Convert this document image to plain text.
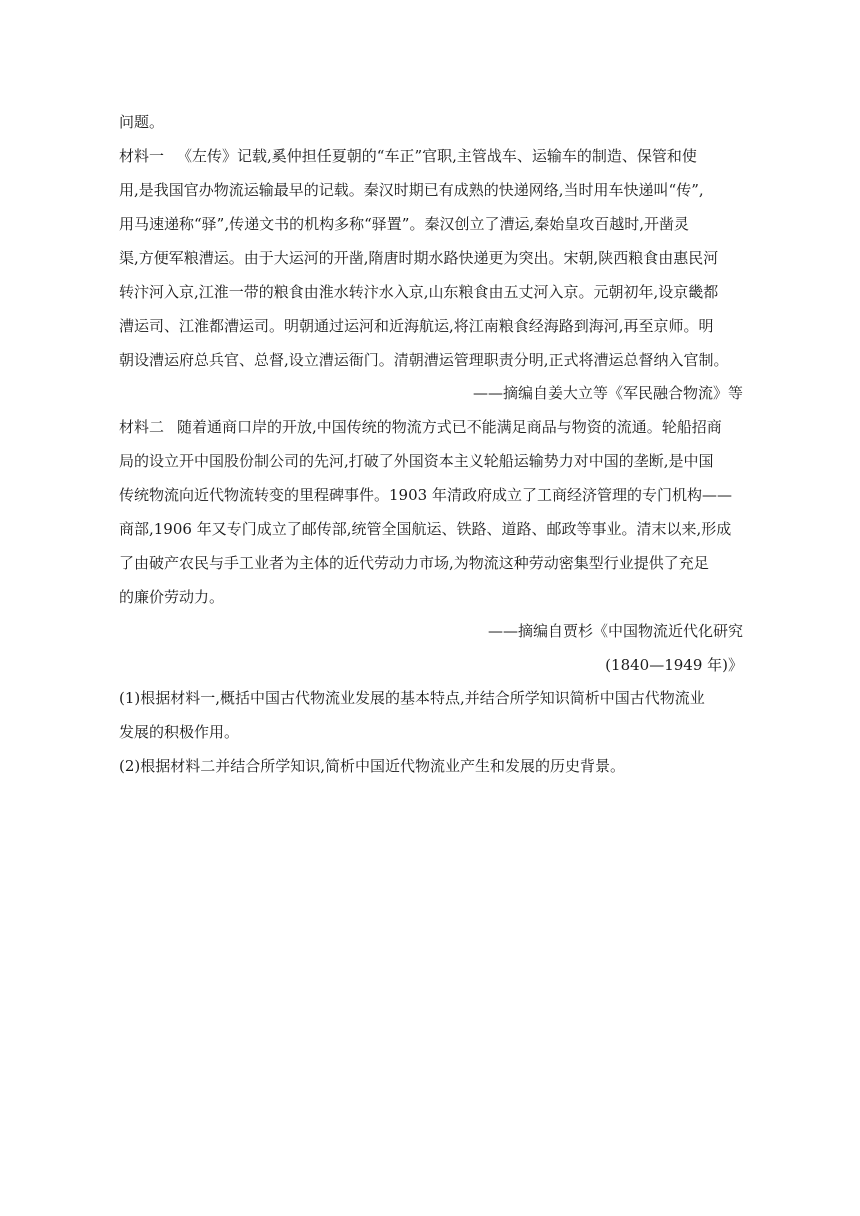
问题。
材料一 《左传》记载,奚仲担任夏朝的“车正”官职,主管战车、运输车的制造、保管和使
用,是我国官办物流运输最早的记载。秦汉时期已有成熟的快递网络,当时用车快递叫“传”,
用马速递称“驿”,传递文书的机构多称“驿置”。秦汉创立了漕运,秦始皇攻百越时,开凿灵
渠,方便军粮漕运。由于大运河的开凿,隋唐时期水路快递更为突出。宋朝,陕西粮食由惠民河
转汴河入京,江淮一带的粮食由淮水转汴水入京,山东粮食由五丈河入京。元朝初年,设京畿都
漕运司、江淮都漕运司。明朝通过运河和近海航运,将江南粮食经海路到海河,再至京师。明
朝设漕运府总兵官、总督,设立漕运衙门。清朝漕运管理职责分明,正式将漕运总督纳入官制。
——摘编自姜大立等《军民融合物流》等
材料二 随着通商口岸的开放,中国传统的物流方式已不能满足商品与物资的流通。轮船招商
局的设立开中国股份制公司的先河,打破了外国资本主义轮船运输势力对中国的垄断,是中国
传统物流向近代物流转变的里程碑事件。1903 年清政府成立了工商经济管理的专门机构——
商部,1906 年又专门成立了邮传部,统管全国航运、铁路、道路、邮政等事业。清末以来,形成
了由破产农民与手工业者为主体的近代劳动力市场,为物流这种劳动密集型行业提供了充足
的廉价劳动力。
——摘编自贾杉《中国物流近代化研究
(1840—1949 年)》
(1)根据材料一,概括中国古代物流业发展的基本特点,并结合所学知识简析中国古代物流业
发展的积极作用。
(2)根据材料二并结合所学知识,简析中国近代物流业产生和发展的历史背景。
